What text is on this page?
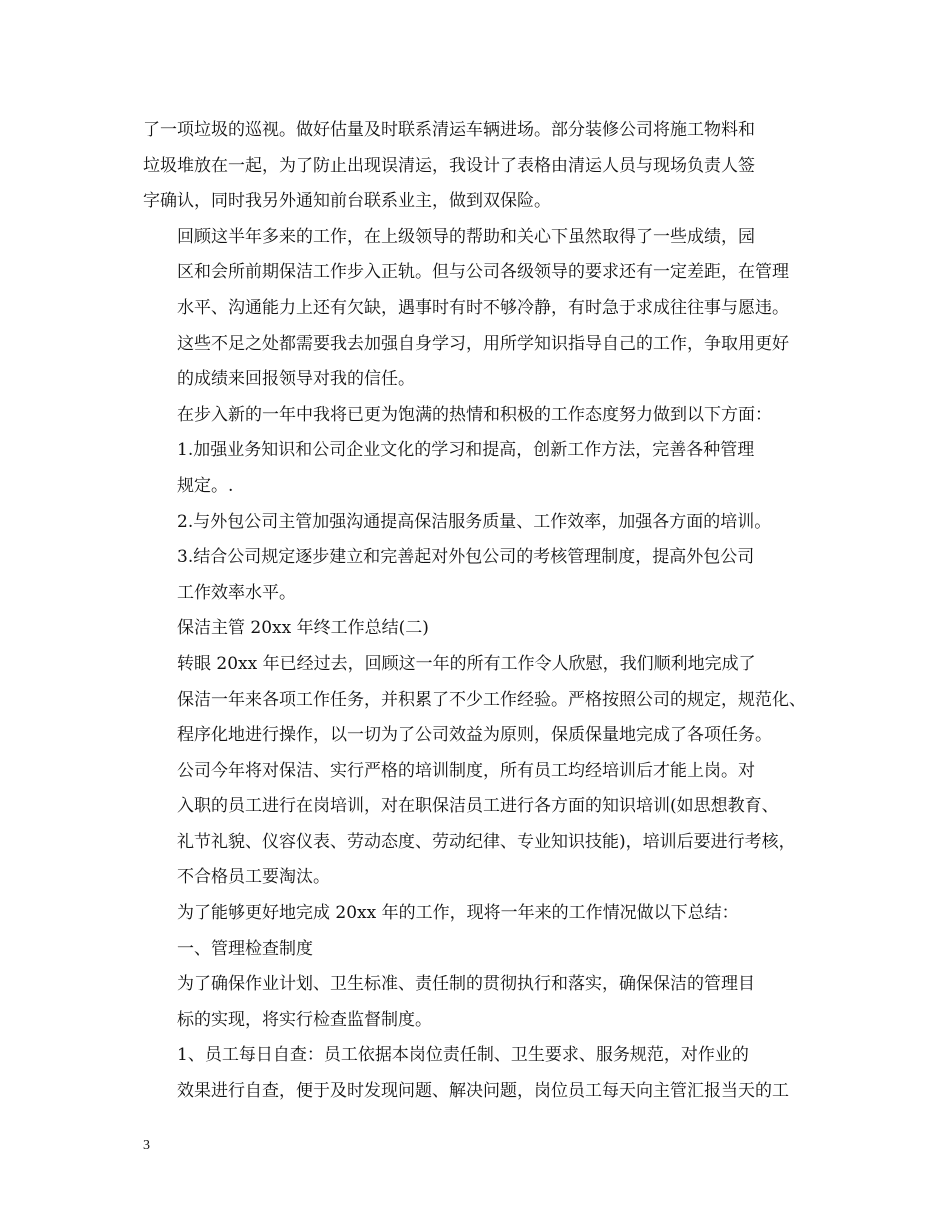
了一项垃圾的巡视。做好估量及时联系清运车辆进场。部分装修公司将施工物料和
垃圾堆放在一起，为了防止出现误清运，我设计了表格由清运人员与现场负责人签
字确认，同时我另外通知前台联系业主，做到双保险。

回顾这半年多来的工作，在上级领导的帮助和关心下虽然取得了一些成绩，园
区和会所前期保洁工作步入正轨。但与公司各级领导的要求还有一定差距，在管理
水平、沟通能力上还有欠缺，遇事时有时不够冷静，有时急于求成往往事与愿违。
这些不足之处都需要我去加强自身学习，用所学知识指导自己的工作，争取用更好
的成绩来回报领导对我的信任。

在步入新的一年中我将已更为饱满的热情和积极的工作态度努力做到以下方面：

1.加强业务知识和公司企业文化的学习和提高，创新工作方法，完善各种管理
规定。.

2.与外包公司主管加强沟通提高保洁服务质量、工作效率，加强各方面的培训。

3.结合公司规定逐步建立和完善起对外包公司的考核管理制度，提高外包公司
工作效率水平。

保洁主管 20xx 年终工作总结(二)

转眼 20xx 年已经过去，回顾这一年的所有工作令人欣慰，我们顺利地完成了
保洁一年来各项工作任务，并积累了不少工作经验。严格按照公司的规定，规范化、
程序化地进行操作，以一切为了公司效益为原则，保质保量地完成了各项任务。

公司今年将对保洁、实行严格的培训制度，所有员工均经培训后才能上岗。对
入职的员工进行在岗培训，对在职保洁员工进行各方面的知识培训(如思想教育、
礼节礼貌、仪容仪表、劳动态度、劳动纪律、专业知识技能)，培训后要进行考核，
不合格员工要淘汰。

为了能够更好地完成 20xx 年的工作，现将一年来的工作情况做以下总结：

一、管理检查制度

为了确保作业计划、卫生标准、责任制的贯彻执行和落实，确保保洁的管理目
标的实现，将实行检查监督制度。

1、员工每日自查：员工依据本岗位责任制、卫生要求、服务规范，对作业的
效果进行自查，便于及时发现问题、解决问题，岗位员工每天向主管汇报当天的工

3
